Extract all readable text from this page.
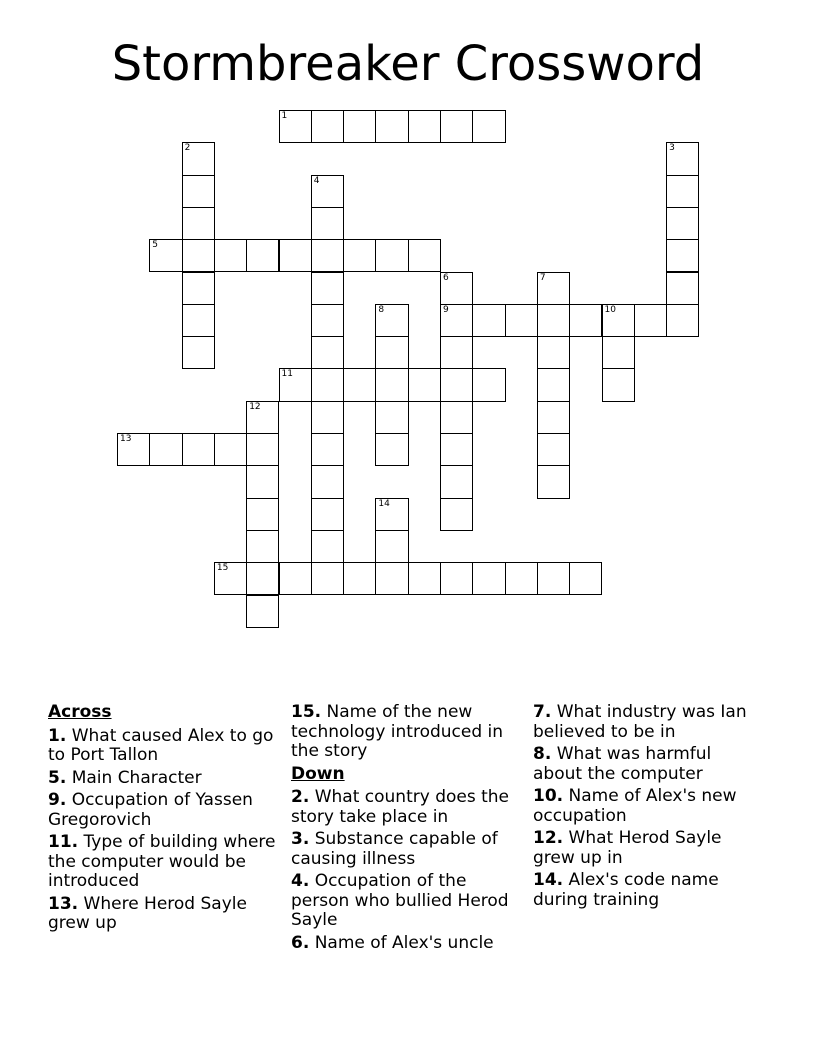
Stormbreaker Crossword
1
2	3
4
5
6
9
7
8	10
11
12
13
14
15
Across
1. What caused Alex to go to Port Tallon
5. Main Character
9. Occupation of Yassen Gregorovich
11. Type of building where the computer would be introduced
13. Where Herod Sayle grew up
15. Name of the new technology introduced in the story
Down
2. What country does the story take place in
3. Substance capable of causing illness
4. Occupation of the person who bullied Herod Sayle
6. Name of Alex's uncle
7. What industry was Ian believed to be in
8. What was harmful about the computer
10. Name of Alex's new occupation
12. What Herod Sayle grew up in
14. Alex's code name during training
